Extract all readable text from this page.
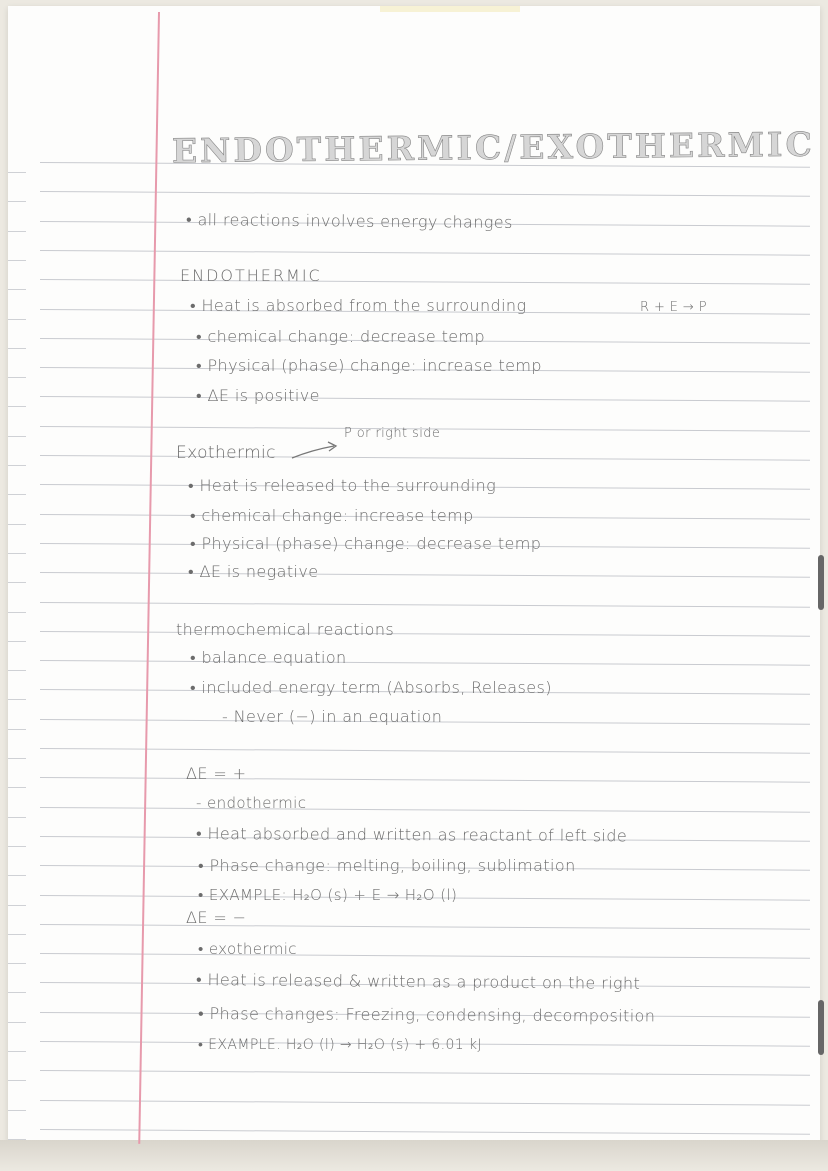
ENDOTHERMIC/EXOTHERMIC
• all reactions involves energy changes
ENDOTHERMIC
• Heat is absorbed from the surrounding	R + E → P
• chemical change: decrease temp
• Physical (phase) change: increase temp
• ΔE is positive
Exothermic
P or right side
• Heat is released to the surrounding
• chemical change: increase temp
• Physical (phase) change: decrease temp
• ΔE is negative
thermochemical reactions
• balance equation
• included energy term (Absorbs, Releases)
- Never (−) in an equation
ΔE = +
- endothermic
• Heat absorbed and written as reactant of left side
• Phase change: melting, boiling, sublimation
• EXAMPLE: H₂O (s) + E → H₂O (l)
ΔE = −
• exothermic
• Heat is released & written as a product on the right
• Phase changes: Freezing, condensing, decomposition
• EXAMPLE. H₂O (l) → H₂O (s) + 6.01 kJ
